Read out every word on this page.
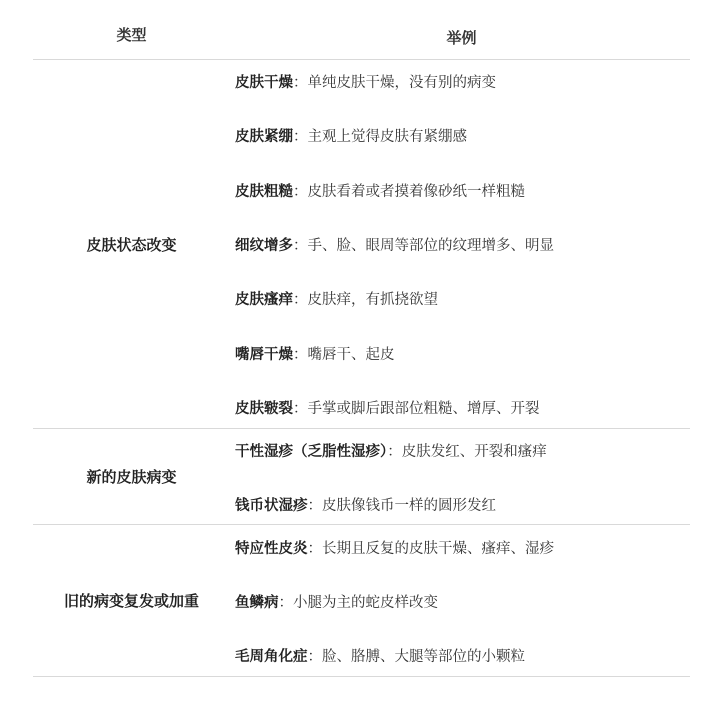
类型	举例
皮肤状态改变
皮肤干燥：单纯皮肤干燥，没有别的病变
皮肤紧绷：主观上觉得皮肤有紧绷感
皮肤粗糙：皮肤看着或者摸着像砂纸一样粗糙
细纹增多：手、脸、眼周等部位的纹理增多、明显
皮肤瘙痒：皮肤痒，有抓挠欲望
嘴唇干燥：嘴唇干、起皮
皮肤皲裂：手掌或脚后跟部位粗糙、增厚、开裂
新的皮肤病变
干性湿疹（乏脂性湿疹）：皮肤发红、开裂和瘙痒
钱币状湿疹：皮肤像钱币一样的圆形发红
旧的病变复发或加重
特应性皮炎：长期且反复的皮肤干燥、瘙痒、湿疹
鱼鳞病：小腿为主的蛇皮样改变
毛周角化症：脸、胳膊、大腿等部位的小颗粒
